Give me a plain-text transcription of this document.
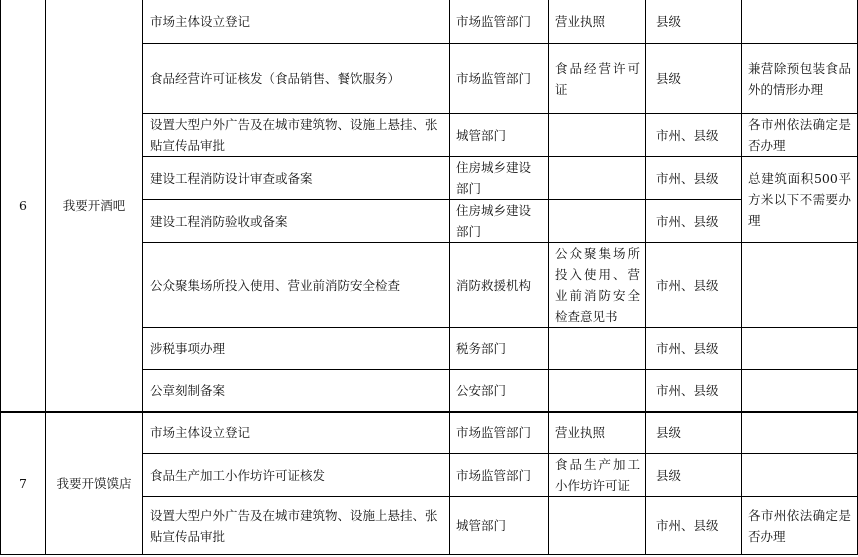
6	我要开酒吧	市场主体设立登记	市场监管部门	营业执照	县级	
		食品经营许可证核发（食品销售、餐饮服务）	市场监管部门	食品经营许可证	县级	兼营除预包装食品外的情形办理
		设置大型户外广告及在城市建筑物、设施上悬挂、张贴宣传品审批	城管部门		市州、县级	各市州依法确定是否办理
		建设工程消防设计审查或备案	住房城乡建设部门		市州、县级	总建筑面积500平方米以下不需要办理
		建设工程消防验收或备案	住房城乡建设部门		市州、县级	
		公众聚集场所投入使用、营业前消防安全检查	消防救援机构	公众聚集场所投入使用、营业前消防安全检查意见书	市州、县级	
		涉税事项办理	税务部门		市州、县级	
		公章刻制备案	公安部门		市州、县级	
7	我要开馍馍店	市场主体设立登记	市场监管部门	营业执照	县级	
		食品生产加工小作坊许可证核发	市场监管部门	食品生产加工小作坊许可证	县级	
		设置大型户外广告及在城市建筑物、设施上悬挂、张贴宣传品审批	城管部门		市州、县级	各市州依法确定是否办理
